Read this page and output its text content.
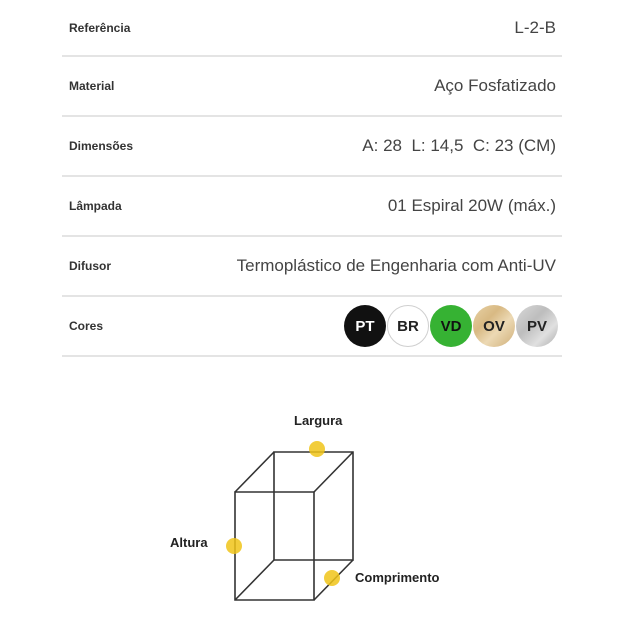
Referência	L-2-B
Material	Aço Fosfatizado
Dimensões	A: 28  L: 14,5  C: 23 (CM)
Lâmpada	01 Espiral 20W (máx.)
Difusor	Termoplástico de Engenharia com Anti-UV
Cores	PT	BR	VD	OV	PV
Largura
Altura
Comprimento
